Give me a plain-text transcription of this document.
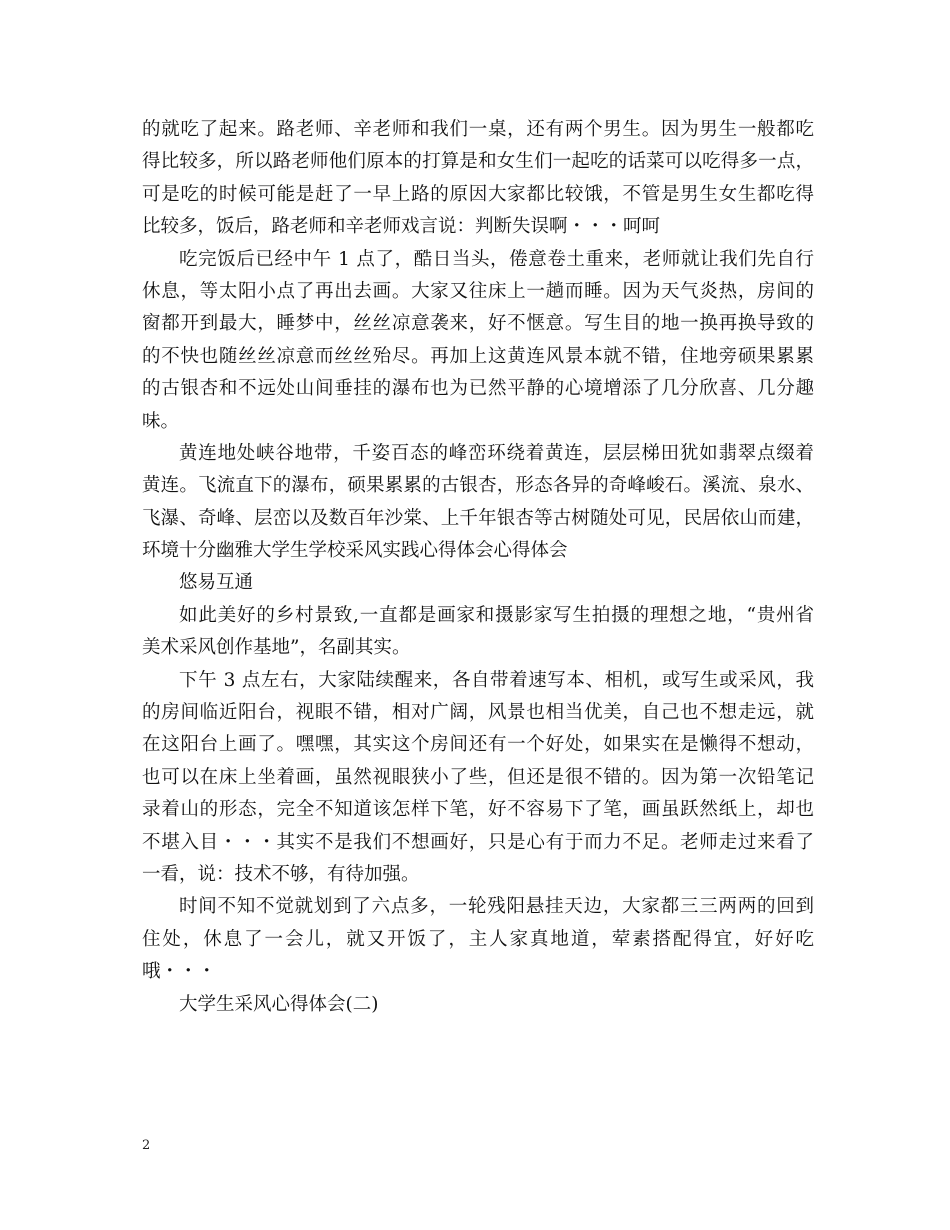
的就吃了起来。路老师、辛老师和我们一桌，还有两个男生。因为男生一般都吃
得比较多，所以路老师他们原本的打算是和女生们一起吃的话菜可以吃得多一点，
可是吃的时候可能是赶了一早上路的原因大家都比较饿，不管是男生女生都吃得
比较多，饭后，路老师和辛老师戏言说：判断失误啊・・・呵呵
吃完饭后已经中午 1 点了，酷日当头，倦意卷土重来，老师就让我们先自行
休息，等太阳小点了再出去画。大家又往床上一趟而睡。因为天气炎热，房间的
窗都开到最大，睡梦中，丝丝凉意袭来，好不惬意。写生目的地一换再换导致的
的不快也随丝丝凉意而丝丝殆尽。再加上这黄连风景本就不错，住地旁硕果累累
的古银杏和不远处山间垂挂的瀑布也为已然平静的心境增添了几分欣喜、几分趣
味。
黄连地处峡谷地带，千姿百态的峰峦环绕着黄连，层层梯田犹如翡翠点缀着
黄连。飞流直下的瀑布，硕果累累的古银杏，形态各异的奇峰峻石。溪流、泉水、
飞瀑、奇峰、层峦以及数百年沙棠、上千年银杏等古树随处可见，民居依山而建，
环境十分幽雅大学生学校采风实践心得体会心得体会
悠易互通
如此美好的乡村景致,一直都是画家和摄影家写生拍摄的理想之地，“贵州省
美术采风创作基地”，名副其实。
下午 3 点左右，大家陆续醒来，各自带着速写本、相机，或写生或采风，我
的房间临近阳台，视眼不错，相对广阔，风景也相当优美，自己也不想走远，就
在这阳台上画了。嘿嘿，其实这个房间还有一个好处，如果实在是懒得不想动，
也可以在床上坐着画，虽然视眼狭小了些，但还是很不错的。因为第一次铅笔记
录着山的形态，完全不知道该怎样下笔，好不容易下了笔，画虽跃然纸上，却也
不堪入目・・・其实不是我们不想画好，只是心有于而力不足。老师走过来看了
一看，说：技术不够，有待加强。
时间不知不觉就划到了六点多，一轮残阳悬挂天边，大家都三三两两的回到
住处，休息了一会儿，就又开饭了，主人家真地道，荤素搭配得宜，好好吃
哦・・・
大学生采风心得体会(二)
2
